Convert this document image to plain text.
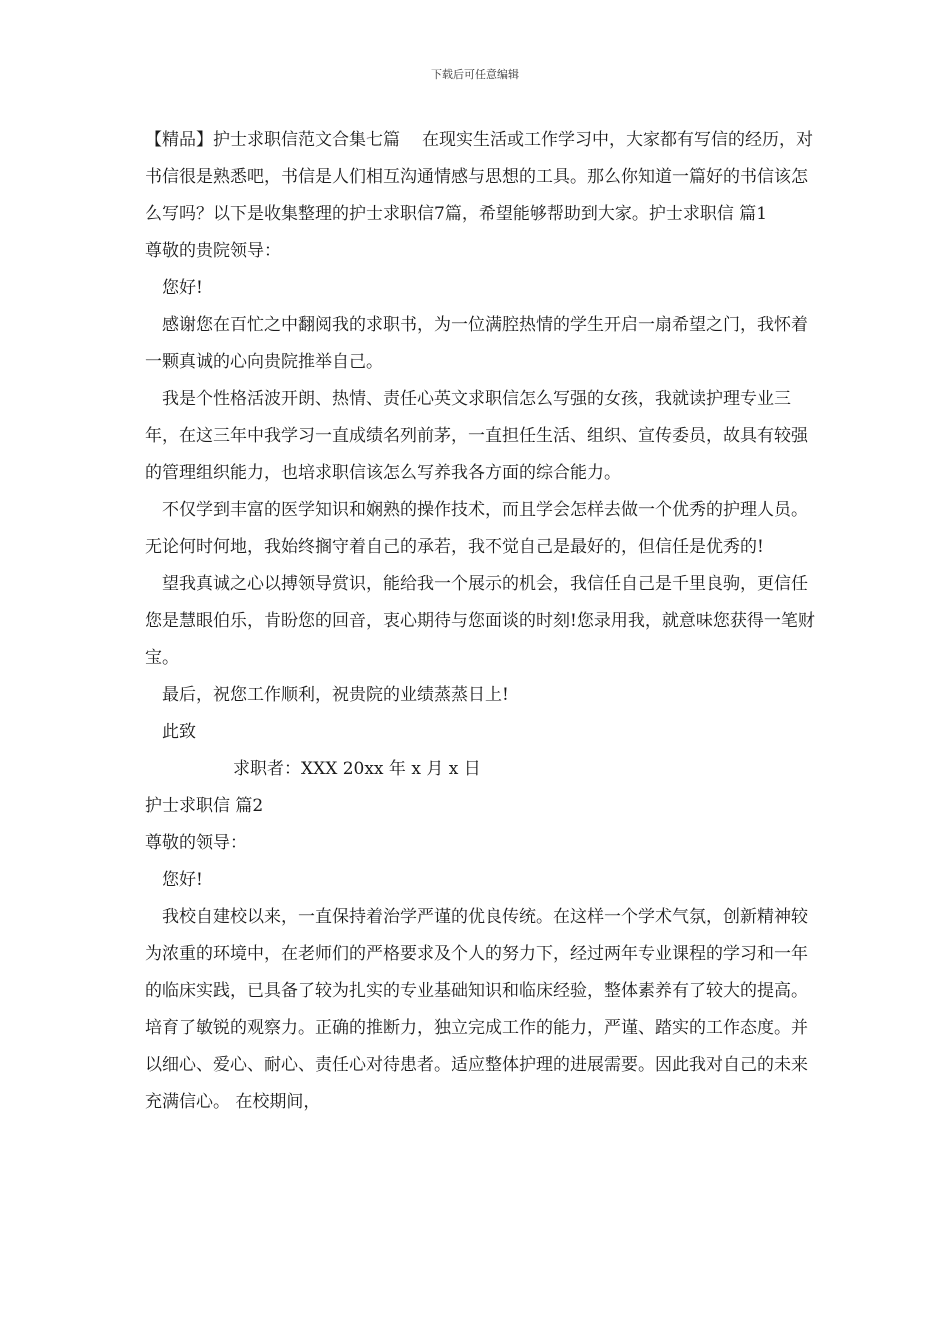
下载后可任意编辑

【精品】护士求职信范文合集七篇 在现实生活或工作学习中，大家都有写信的经历，对书信很是熟悉吧，书信是人们相互沟通情感与思想的工具。那么你知道一篇好的书信该怎么写吗？以下是收集整理的护士求职信7篇，希望能够帮助到大家。护士求职信 篇1

尊敬的贵院领导：

您好!

感谢您在百忙之中翻阅我的求职书，为一位满腔热情的学生开启一扇希望之门，我怀着一颗真诚的心向贵院推举自己。

我是个性格活波开朗、热情、责任心英文求职信怎么写强的女孩，我就读护理专业三年，在这三年中我学习一直成绩名列前茅，一直担任生活、组织、宣传委员，故具有较强的管理组织能力，也培求职信该怎么写养我各方面的综合能力。

不仅学到丰富的医学知识和娴熟的操作技术，而且学会怎样去做一个优秀的护理人员。无论何时何地，我始终搁守着自己的承若，我不觉自己是最好的，但信任是优秀的!

望我真诚之心以搏领导赏识，能给我一个展示的机会，我信任自己是千里良驹，更信任您是慧眼伯乐，肯盼您的回音，衷心期待与您面谈的时刻!您录用我，就意味您获得一笔财宝。

最后，祝您工作顺利，祝贵院的业绩蒸蒸日上!

此致

求职者：XXX 20xx 年 x 月 x 日

护士求职信 篇2

尊敬的领导：

您好!

我校自建校以来，一直保持着治学严谨的优良传统。在这样一个学术气氛，创新精神较为浓重的环境中，在老师们的严格要求及个人的努力下，经过两年专业课程的学习和一年的临床实践，已具备了较为扎实的专业基础知识和临床经验，整体素养有了较大的提高。培育了敏锐的观察力。正确的推断力，独立完成工作的能力，严谨、踏实的工作态度。并以细心、爱心、耐心、责任心对待患者。适应整体护理的进展需要。因此我对自己的未来充满信心。 在校期间，
